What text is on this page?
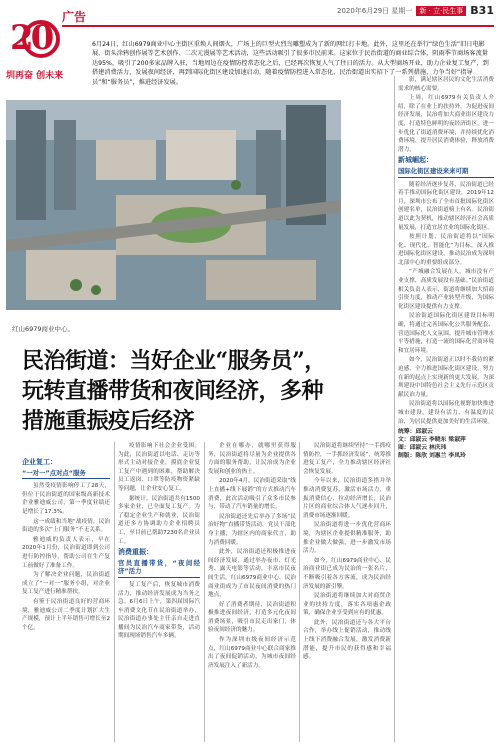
20
圳再奋 创未来
广告	2020年6月29日 星期一	新 · 立·民生事 B31
6月24日，红山6979商业中心主街区重焕人间烟火，广场上的巨型火烈鸟雕塑成为了新的网红打卡地。此外，这里还在举行“绿色生活”旧日电影展、街头涂鸦创作展等艺术创作、二次元漫展等艺术活动，这些活动吸引了很多市民前来。这家位于民治街道的商业综合体，阴雨季节商场客流量达95%，吸引了200多家品牌入驻，当地周边在疫情防控常态化之后，已经再次恢复人气了往日的活力。从大型商场开业，助力企业复工复产，到搭建消费活力，发展夜间经济，再到国际化街区建设加速启动，随着疫情防控进入常态化，民治街道出实招下了一系列措施，力争当好“指导员”和“服务员”，推进经济发展。
红山6979商业中心。
民治街道：当好企业“服务员”，玩转直播带货和夜间经济，多种措施重振疫后经济
企业复工：
“一对一”点对点“服务

虽然受疫情影响停工了28天，但位于民治街道的国家级高新技术企业雅迪威公司，第一季度业绩还是增长了17.3%。

这一成绩和当地“战疫情，民治街道的多次“上门服务”不无关系。

雅迪威的负责人表示，早在2020年1月份，民治街道即到公司进行防控指导，帮助公司在生产复工前做好了准备工作。

为了解决企业问题，民治街道成立了“一对一”服务小组，对企业复工复产进行精准帮扶。

有鉴于民治街道良好的营商环境，雅迪威公司二季度计划扩大生产规模，预计上半年销售可增长至2个亿。

疫情影响下社会企业受困。为此，民治街道以电话、走访等形式主动对接企业，摸底企业复工复产中遇到的困难，帮助解决员工返岗、口罩等防疫物资紧缺等问题，让企业安心复工。

据统计，民治街道共有1500多家企业，已全面复工复产。为了稳定企业生产和就业，民治街道还多方协调助力企业招聘员工，至目前已帮助7230名企业员工。

消费重振：
官员直播带货，“夜间经济”活力

复工复产后，恢复城市消费活力，推动经济发展成为当务之急。6月6日上午，第四届国际汽车消费文化节在民治街道举办，民治街道办事处主任亲自走进直播间为民治汽车商家带货，活动期间现场销售汽车多辆。

企业在哪办，就哪里获得服务，民治街道将尽量为企业提供各方面的服务帮助，让民治成为企业发展和创业的热土。

2020年4月，民治街道采取“线上直播+线下展销”的方式推动汽车消费，此次活动吸引了众多市民参与，带动了汽车销量的增长。

民治街道还先后举办了多场“民治好物”直播带货活动，党员干部化身主播，为辖区内的商家代言，助力消费回暖。

此外，民治街道还积极推进夜间经济发展，通过举办夜市、灯光秀、露天电影等活动，丰富市民夜间生活，红山6979商业中心、民治商业街成为了市民夜间消费的热门地点。

好了消费者期待，民治街道积极推进夜间经济，打造多元化夜间消费场景，吸引市民走出家门，体验夜间经济的魅力。

作为深圳市级夜间经济示范点，红山6979商业中心联合商家推出了夜间促销活动，为城市夜间经济发展注入了新活力。

民治街道将继续坚持“一手抓疫情防控，一手抓经济发展”，统筹推进复工复产，全力推动辖区经济社会恢复发展。

今年以来，民治街道多措并举推动消费复苏，激活市场活力，重振消费信心，拉动经济增长，民治片区的商业综合体人气逐步回升，消费市场逐渐回暖。

民治街道将进一步优化营商环境，为辖区企业提供精准服务，助推企业做大做强，进一步激发市场活力。

如今，红山6979商业中心、民治商业街已成为民治的一张名片，不断吸引着各方客流，成为民治经济发展的新引擎。

民治街道将继续加大对商贸企业的扶持力度，落实各项惠企政策，确保企业享受到应有的优惠。

此外，民治街道还与各大平台合作，举办线上促销活动，推动线上线下消费融合发展，激发消费新潜能，提升市民的获得感和幸福感。

影，满足辖区居民的文化生活消费需求的核心需要。

上周，红山6979有关负责人介绍，除了在业上的扶持外，为促进夜间经济发展，民治将加大商业街区建设力度，打造特色鲜明的夜经济街区，进一步优化了街道消费环境，并持续优化消费环境，提升居民消费体验，释放消费潜力。

新城崛起：
国际化街区建设来来可期

随着经济逐步复苏，民治街道已经着手推动国际化街区建设。2019年12月，深圳市公布了全市首批国际化街区创建名单，民治街道榜上有名。民治街道以此为契机，推动辖区经济社会高质量发展，打造宜居宜业的国际化街区。

按照计划，民治街道将以“国际化、现代化、智能化”为目标，深入推进国际化街区建设，推动民治成为深圳北部中心的重要组成部分。

“产城融合发展在人，城市没有产业支撑，高质发展没有基础。”民治街道相关负责人表示，街道将继续加大招商引资力度，推动产业转型升级，为国际化街区建设提供有力支撑。

民治街道国际化街区建设目标明确，将通过完善国际化公共服务配套、营造国际化人文氛围、提升城市管理水平等措施，打造一流的国际化营商环境和宜居环境。

如今，民治街道正以时不我待的紧迫感，全力推进国际化街区建设，努力在新的起点上实现新的更大发展，为深圳建设中国特色社会主义先行示范区贡献民治力量。

民治街道将以国际化视野加快推进城市建设，建设有活力、有温度的民治，为居民提供更加美好的生活环境。

统筹：邱淑云
文：邱淑云 李晓东 梁淑萍
图：邱淑云 林庆玮
制版：陈欣 刘惠兰 李凤玲
